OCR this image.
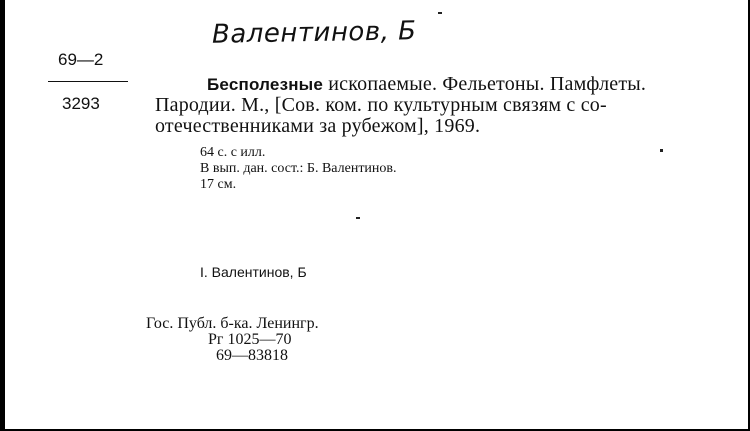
Валентинов, Б
69—2
3293
Бесполезные ископаемые. Фельетоны. Памфлеты.
Пародии. М., [Сов. ком. по культурным связям с со-
отечественниками за рубежом], 1969.
64 с. с илл.
В вып. дан. сост.: Б. Валентинов.
17 см.
I. Валентинов, Б
Гос. Публ. б-ка. Ленингр.
Рг 1025—70
69—83818
